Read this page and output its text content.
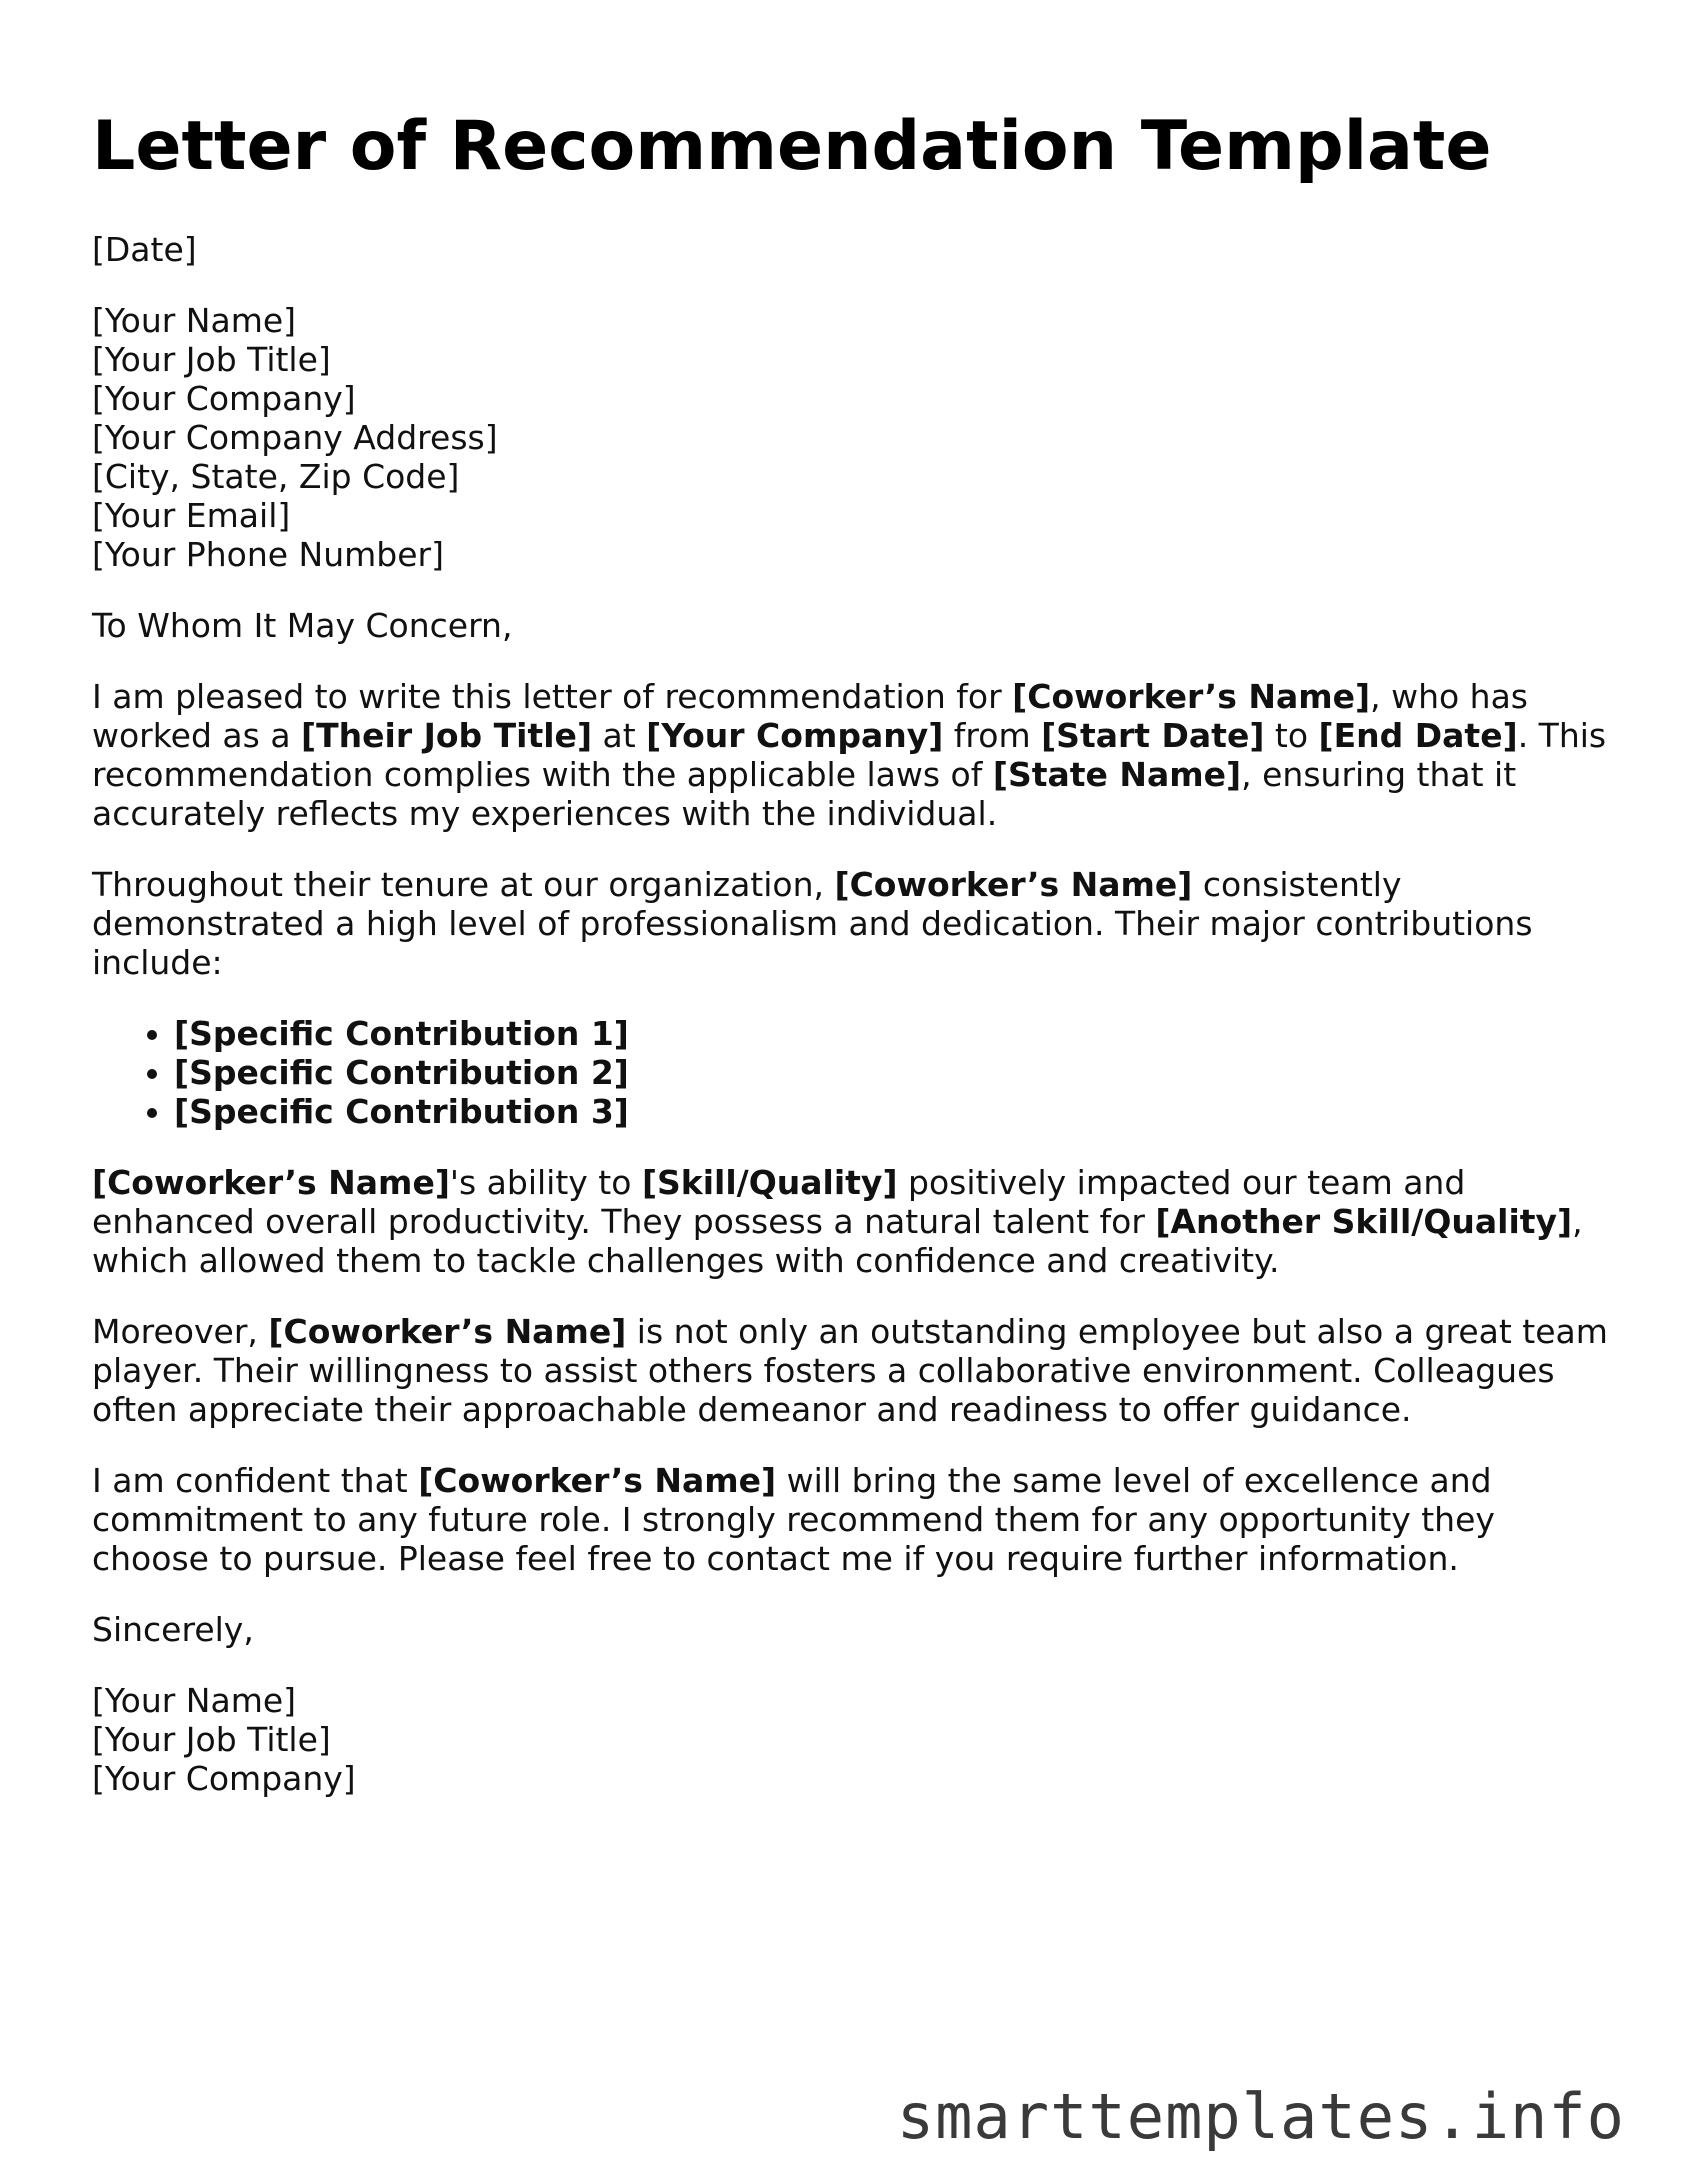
Letter of Recommendation Template

[Date]

[Your Name]
[Your Job Title]
[Your Company]
[Your Company Address]
[City, State, Zip Code]
[Your Email]
[Your Phone Number]

To Whom It May Concern,

I am pleased to write this letter of recommendation for [Coworker’s Name], who has worked as a [Their Job Title] at [Your Company] from [Start Date] to [End Date]. This recommendation complies with the applicable laws of [State Name], ensuring that it accurately reflects my experiences with the individual.

Throughout their tenure at our organization, [Coworker’s Name] consistently demonstrated a high level of professionalism and dedication. Their major contributions include:

• [Specific Contribution 1]
• [Specific Contribution 2]
• [Specific Contribution 3]

[Coworker’s Name]'s ability to [Skill/Quality] positively impacted our team and enhanced overall productivity. They possess a natural talent for [Another Skill/Quality], which allowed them to tackle challenges with confidence and creativity.

Moreover, [Coworker’s Name] is not only an outstanding employee but also a great team player. Their willingness to assist others fosters a collaborative environment. Colleagues often appreciate their approachable demeanor and readiness to offer guidance.

I am confident that [Coworker’s Name] will bring the same level of excellence and commitment to any future role. I strongly recommend them for any opportunity they choose to pursue. Please feel free to contact me if you require further information.

Sincerely,

[Your Name]
[Your Job Title]
[Your Company]

smarttemplates.info
